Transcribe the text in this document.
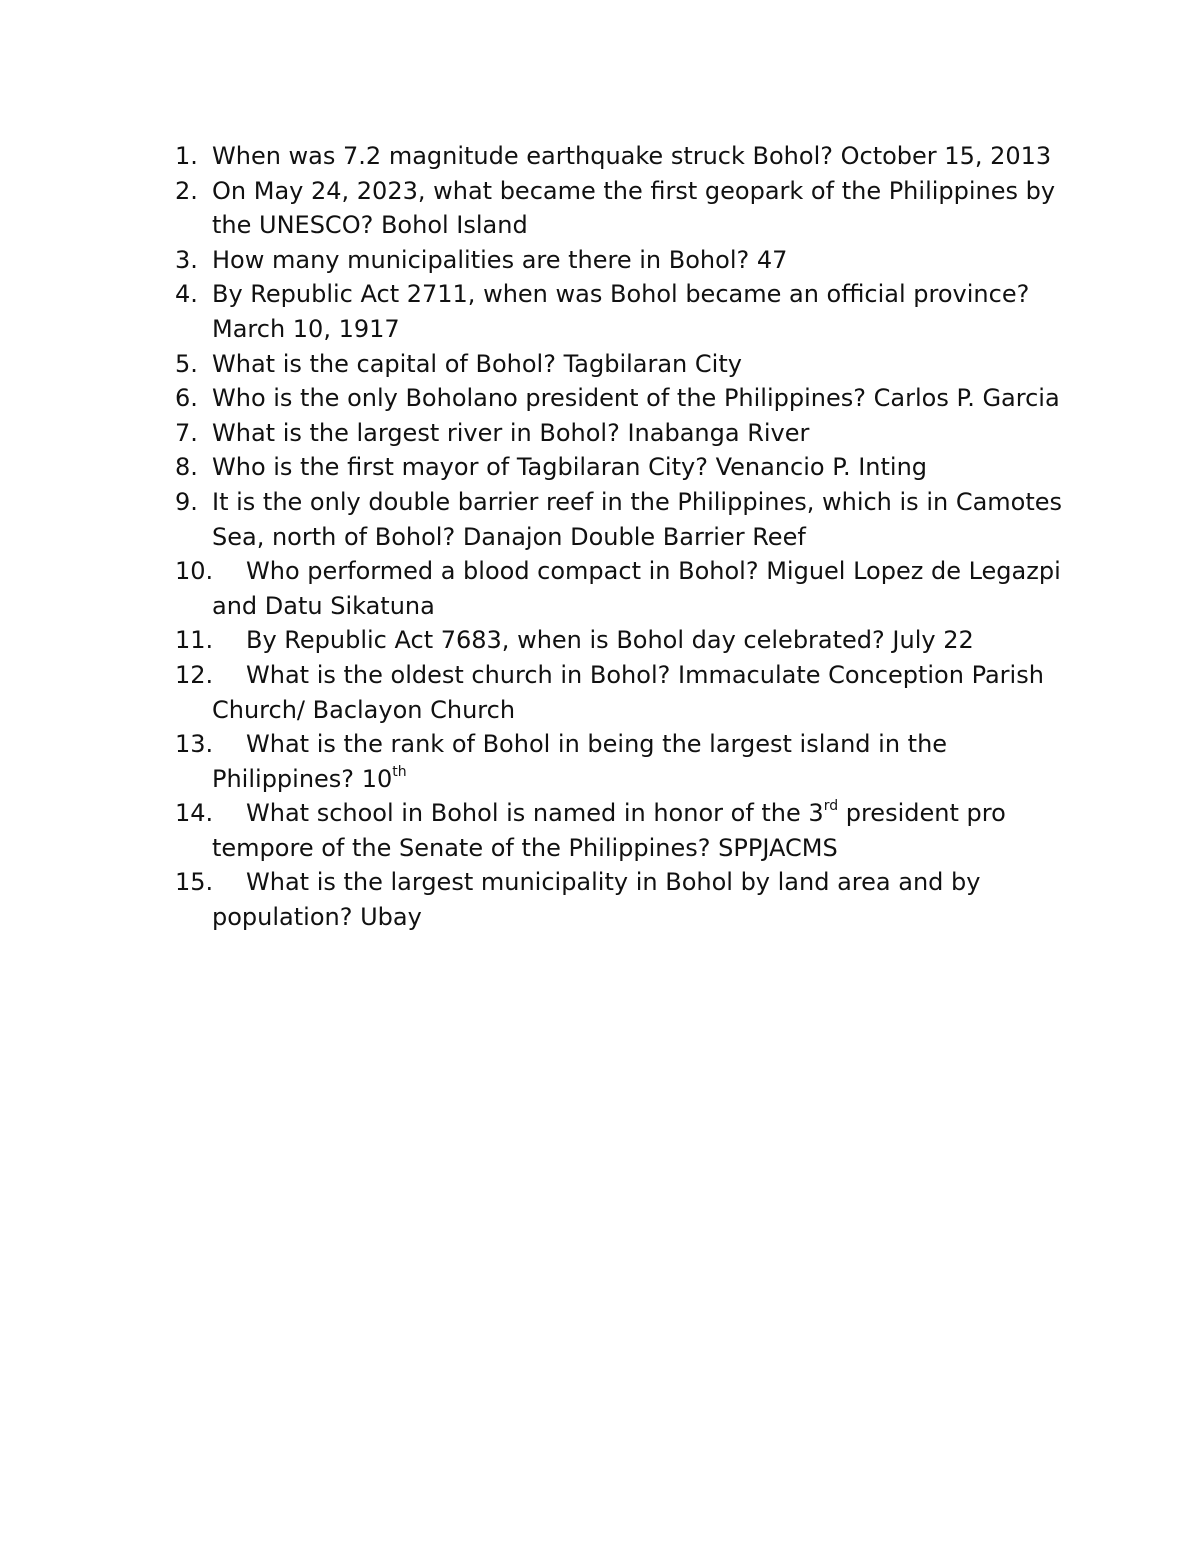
1. When was 7.2 magnitude earthquake struck Bohol? October 15, 2013
2. On May 24, 2023, what became the first geopark of the Philippines by the UNESCO? Bohol Island
3. How many municipalities are there in Bohol? 47
4. By Republic Act 2711, when was Bohol became an official province? March 10, 1917
5. What is the capital of Bohol? Tagbilaran City
6. Who is the only Boholano president of the Philippines? Carlos P. Garcia
7. What is the largest river in Bohol? Inabanga River
8. Who is the first mayor of Tagbilaran City? Venancio P. Inting
9. It is the only double barrier reef in the Philippines, which is in Camotes Sea, north of Bohol? Danajon Double Barrier Reef
10. Who performed a blood compact in Bohol? Miguel Lopez de Legazpi and Datu Sikatuna
11. By Republic Act 7683, when is Bohol day celebrated? July 22
12. What is the oldest church in Bohol? Immaculate Conception Parish Church/ Baclayon Church
13. What is the rank of Bohol in being the largest island in the Philippines? 10th
14. What school in Bohol is named in honor of the 3rd president pro tempore of the Senate of the Philippines? SPPJACMS
15. What is the largest municipality in Bohol by land area and by population? Ubay
